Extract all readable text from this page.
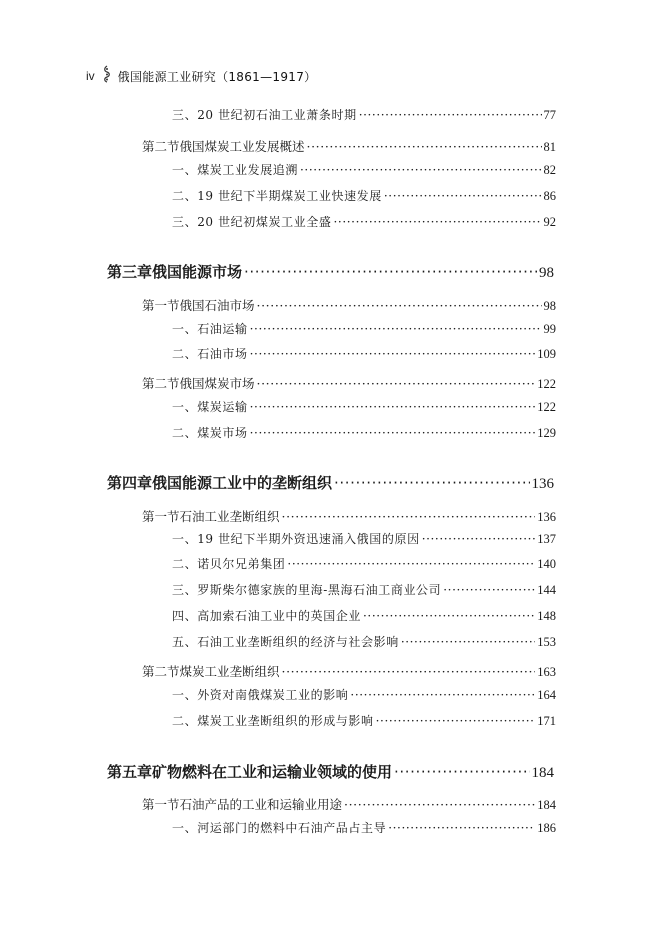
iv 俄国能源工业研究（1861—1917）
三、20 世纪初石油工业萧条时期 ·····	77
第二节 俄国煤炭工业发展概述 ·····	81
一、煤炭工业发展追溯 ·····	82
二、19 世纪下半期煤炭工业快速发展 ·····	86
三、20 世纪初煤炭工业全盛 ·····	92
第三章 俄国能源市场 ·····	98
第一节 俄国石油市场 ·····	98
一、石油运输 ·····	99
二、石油市场 ·····	109
第二节 俄国煤炭市场 ·····	122
一、煤炭运输 ·····	122
二、煤炭市场 ·····	129
第四章 俄国能源工业中的垄断组织 ·····	136
第一节 石油工业垄断组织 ·····	136
一、19 世纪下半期外资迅速涌入俄国的原因 ·····	137
二、诺贝尔兄弟集团 ·····	140
三、罗斯柴尔德家族的里海-黑海石油工商业公司 ·····	144
四、高加索石油工业中的英国企业 ·····	148
五、石油工业垄断组织的经济与社会影响 ·····	153
第二节 煤炭工业垄断组织 ·····	163
一、外资对南俄煤炭工业的影响 ·····	164
二、煤炭工业垄断组织的形成与影响 ·····	171
第五章 矿物燃料在工业和运输业领域的使用 ·····	184
第一节 石油产品的工业和运输业用途 ·····	184
一、河运部门的燃料中石油产品占主导 ·····	186
